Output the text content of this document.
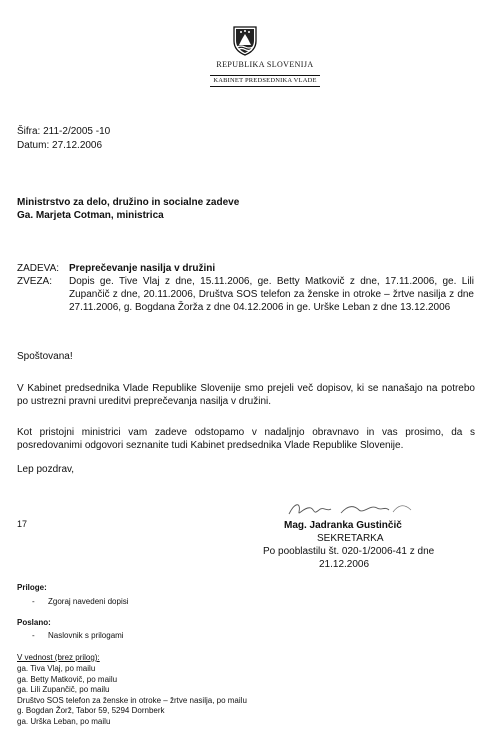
REPUBLIKA SLOVENIJA
KABINET PREDSEDNIKA VLADE
Šifra: 211-2/2005 -10
Datum: 27.12.2006
Ministrstvo za delo, družino in socialne zadeve
Ga. Marjeta Cotman, ministrica
ZADEVA: Preprečevanje nasilja v družini
ZVEZA: Dopis ge. Tive Vlaj z dne, 15.11.2006, ge. Betty Matkovič z dne, 17.11.2006, ge. Lili Zupančič z dne, 20.11.2006, Društva SOS telefon za ženske in otroke – žrtve nasilja z dne 27.11.2006, g. Bogdana Žorža z dne 04.12.2006 in ge. Urške Leban z dne 13.12.2006
Spoštovana!
V Kabinet predsednika Vlade Republike Slovenije smo prejeli več dopisov, ki se nanašajo na potrebo po ustrezni pravni ureditvi preprečevanja nasilja v družini.
Kot pristojni ministrici vam zadeve odstopamo v nadaljnjo obravnavo in vas prosimo, da s posredovanimi odgovori seznanite tudi Kabinet predsednika Vlade Republike Slovenije.
Lep pozdrav,
17	Mag. Jadranka Gustinčič
SEKRETARKA
Po pooblastilu št. 020-1/2006-41 z dne
21.12.2006
Priloge:
- Zgoraj navedeni dopisi
Poslano:
- Naslovnik s prilogami
V vednost (brez prilog):
ga. Tiva Vlaj, po mailu
ga. Betty Matkovič, po mailu
ga. Lili Zupančič, po mailu
Društvo SOS telefon za ženske in otroke – žrtve nasilja, po mailu
g. Bogdan Žorž, Tabor 59, 5294 Dornberk
ga. Urška Leban, po mailu
